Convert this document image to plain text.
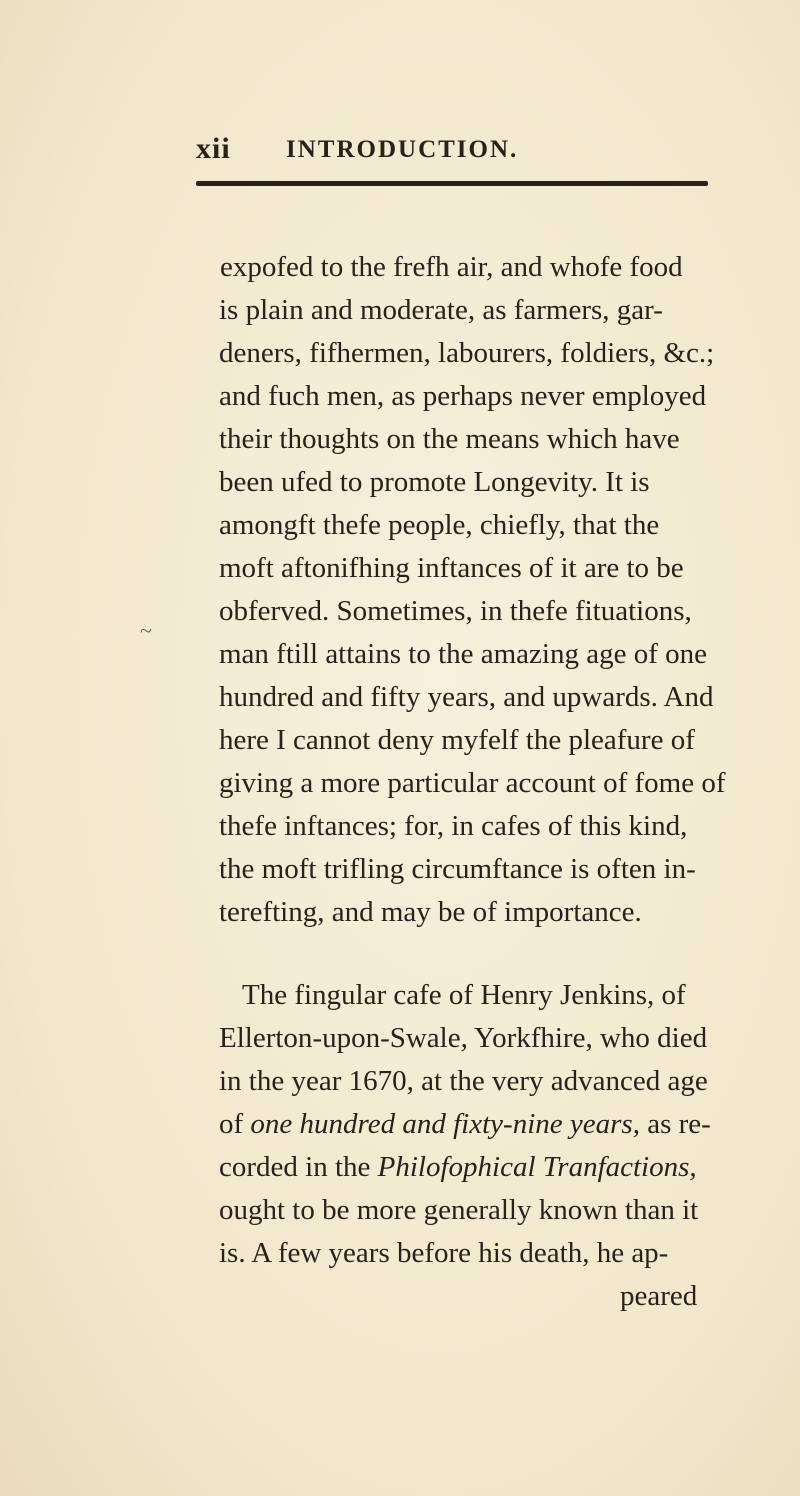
xii INTRODUCTION.
~
expofed to the frefh air, and whofe food
is plain and moderate, as farmers, gar-
deners, fifhermen, labourers, foldiers, &c.;
and fuch men, as perhaps never employed
their thoughts on the means which have
been ufed to promote Longevity. It is
amongft thefe people, chiefly, that the
moft aftonifhing inftances of it are to be
obferved. Sometimes, in thefe fituations,
man ftill attains to the amazing age of one
hundred and fifty years, and upwards. And
here I cannot deny myfelf the pleafure of
giving a more particular account of fome of
thefe inftances; for, in cafes of this kind,
the moft trifling circumftance is often in-
terefting, and may be of importance.
The fingular cafe of Henry Jenkins, of
Ellerton-upon-Swale, Yorkfhire, who died
in the year 1670, at the very advanced age
of one hundred and fixty-nine years, as re-
corded in the Philofophical Tranfactions,
ought to be more generally known than it
is. A few years before his death, he ap-
peared
